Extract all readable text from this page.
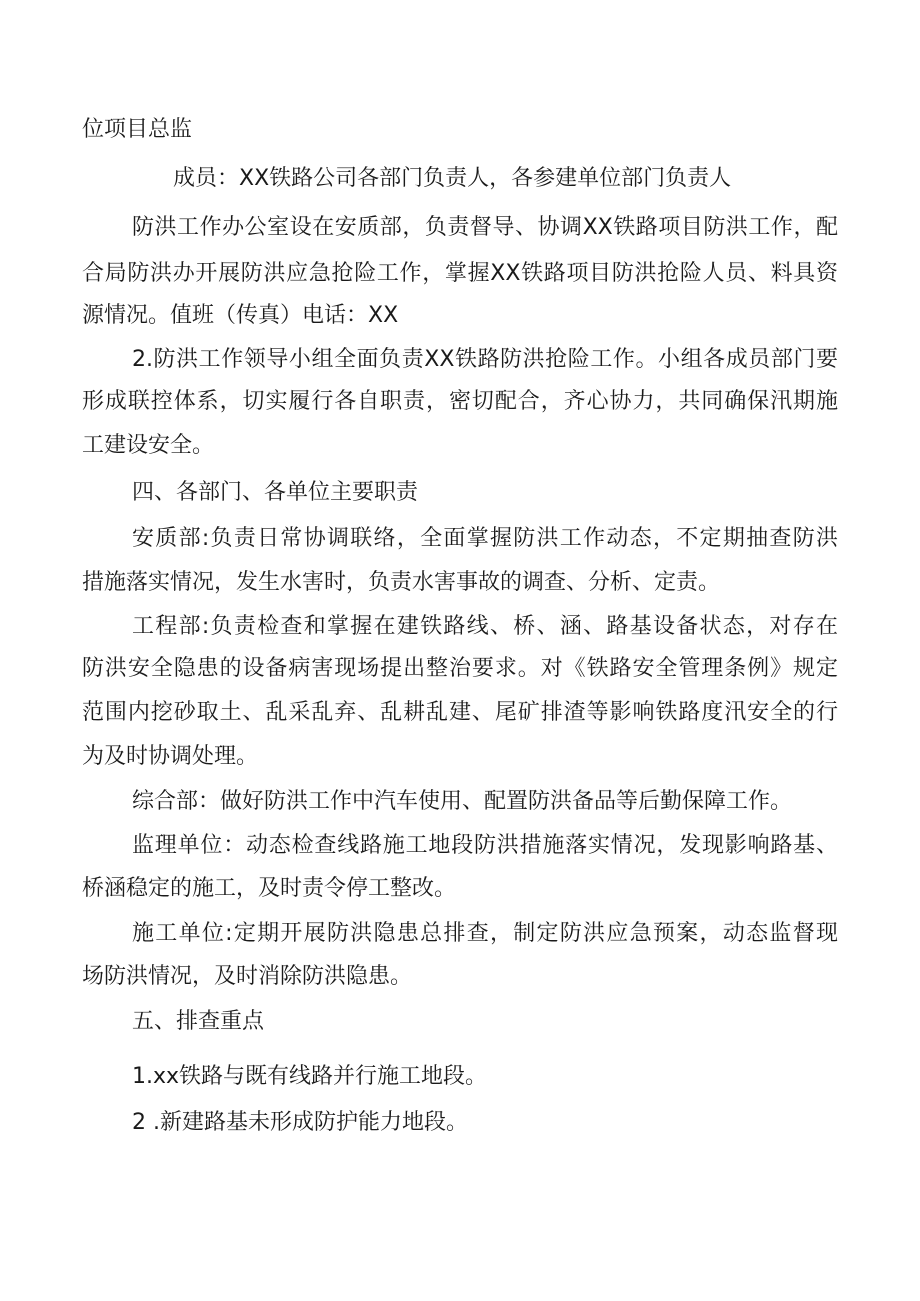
位项目总监
成员：XX铁路公司各部门负责人，各参建单位部门负责人
防洪工作办公室设在安质部，负责督导、协调XX铁路项目防洪工作，配
合局防洪办开展防洪应急抢险工作，掌握XX铁路项目防洪抢险人员、料具资
源情况。值班（传真）电话：XX
2.防洪工作领导小组全面负责XX铁路防洪抢险工作。小组各成员部门要
形成联控体系，切实履行各自职责，密切配合，齐心协力，共同确保汛期施
工建设安全。
四、各部门、各单位主要职责
安质部:负责日常协调联络，全面掌握防洪工作动态，不定期抽查防洪
措施落实情况，发生水害时，负责水害事故的调查、分析、定责。
工程部:负责检查和掌握在建铁路线、桥、涵、路基设备状态，对存在
防洪安全隐患的设备病害现场提出整治要求。对《铁路安全管理条例》规定
范围内挖砂取土、乱采乱弃、乱耕乱建、尾矿排渣等影响铁路度汛安全的行
为及时协调处理。
综合部：做好防洪工作中汽车使用、配置防洪备品等后勤保障工作。
监理单位：动态检查线路施工地段防洪措施落实情况，发现影响路基、
桥涵稳定的施工，及时责令停工整改。
施工单位:定期开展防洪隐患总排查，制定防洪应急预案，动态监督现
场防洪情况，及时消除防洪隐患。
五、排查重点
1.xx铁路与既有线路并行施工地段。
2 .新建路基未形成防护能力地段。
